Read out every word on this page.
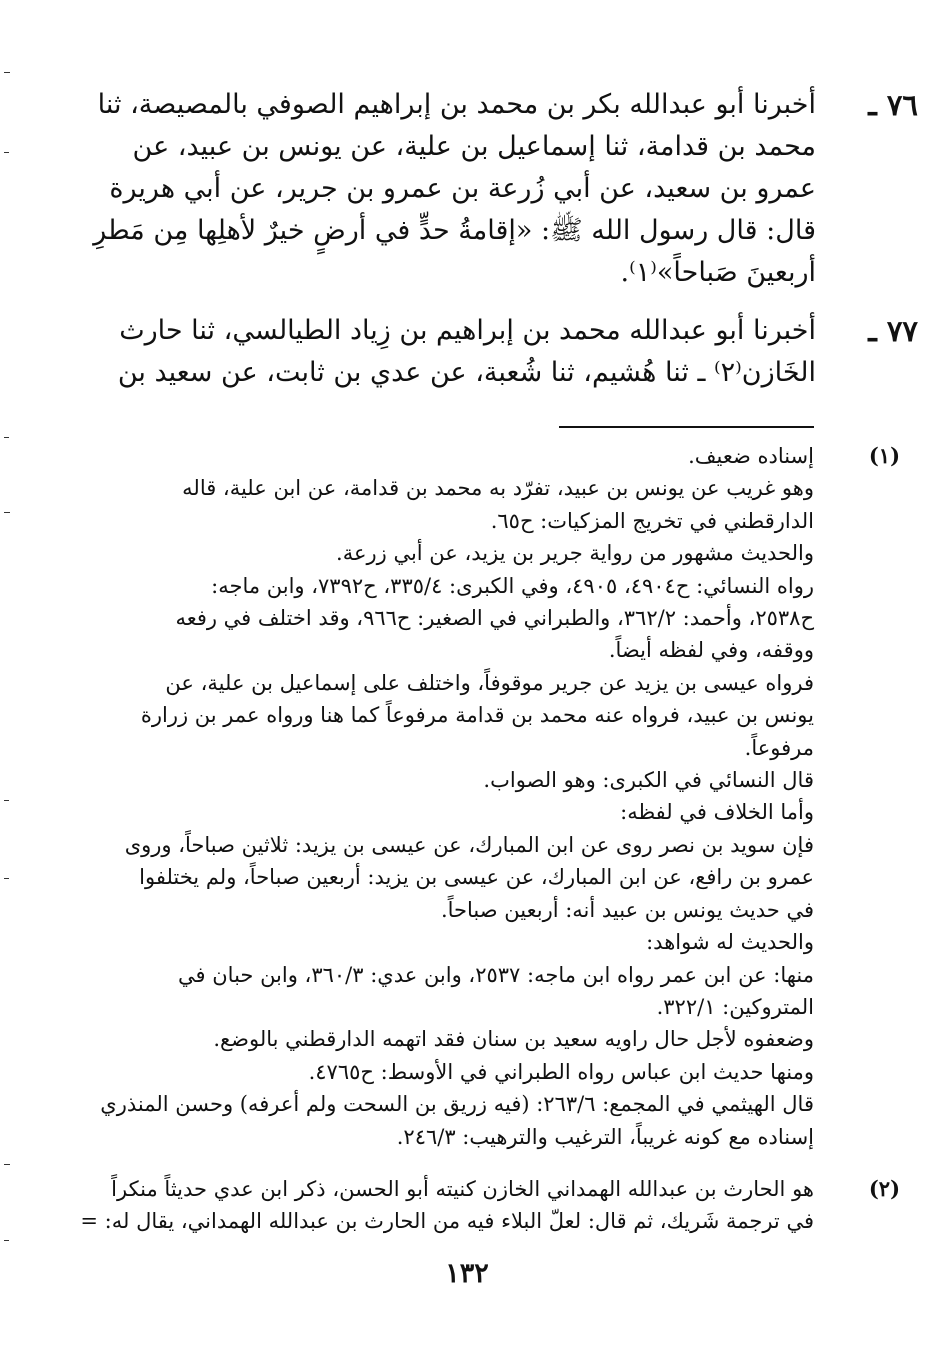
٧٦ ـ

أخبرنا أبو عبدالله بكر بن محمد بن إبراهيم الصوفي بالمصيصة، ثنا

محمد بن قدامة، ثنا إسماعيل بن علية، عن يونس بن عبيد، عن

عمرو بن سعيد، عن أبي زُرعة بن عمرو بن جرير، عن أبي هريرة

قال: قال رسول الله ﷺ: «إقامةُ حدٍّ في أرضٍ خيرٌ لأهلِها مِن مَطرِ

أربعينَ صَباحاً»⁽١⁾.

٧٧ ـ

أخبرنا أبو عبدالله محمد بن إبراهيم بن زِياد الطيالسي، ثنا حارث

الخَازن⁽٢⁾ ـ ثنا هُشيم، ثنا شُعبة، عن عدي بن ثابت، عن سعيد بن

(١)

إسناده ضعيف.

وهو غريب عن يونس بن عبيد، تفرّد به محمد بن قدامة، عن ابن علية، قاله

الدارقطني في تخريج المزكيات: ح٦٥.

والحديث مشهور من رواية جرير بن يزيد، عن أبي زرعة.

رواه النسائي: ح٤٩٠٤، ٤٩٠٥، وفي الكبرى: ٣٣٥/٤، ح٧٣٩٢، وابن ماجه:

ح٢٥٣٨، وأحمد: ٣٦٢/٢، والطبراني في الصغير: ح٩٦٦، وقد اختلف في رفعه

ووقفه، وفي لفظه أيضاً.

فرواه عيسى بن يزيد عن جرير موقوفاً، واختلف على إسماعيل بن علية، عن

يونس بن عبيد، فرواه عنه محمد بن قدامة مرفوعاً كما هنا ورواه عمر بن زرارة

مرفوعاً.

قال النسائي في الكبرى: وهو الصواب.

وأما الخلاف في لفظه:

فإن سويد بن نصر روى عن ابن المبارك، عن عيسى بن يزيد: ثلاثين صباحاً، وروى

عمرو بن رافع، عن ابن المبارك، عن عيسى بن يزيد: أربعين صباحاً، ولم يختلفوا

في حديث يونس بن عبيد أنه: أربعين صباحاً.

والحديث له شواهد:

منها: عن ابن عمر رواه ابن ماجه: ٢٥٣٧، وابن عدي: ٣٦٠/٣، وابن حبان في

المتروكين: ٣٢٢/١.

وضعفوه لأجل حال راويه سعيد بن سنان فقد اتهمه الدارقطني بالوضع.

ومنها حديث ابن عباس رواه الطبراني في الأوسط: ح٤٧٦٥.

قال الهيثمي في المجمع: ٢٦٣/٦: (فيه زريق بن السحت ولم أعرفه) وحسن المنذري

إسناده مع كونه غريباً، الترغيب والترهيب: ٢٤٦/٣.

(٢)

هو الحارث بن عبدالله الهمداني الخازن كنيته أبو الحسن، ذكر ابن عدي حديثاً منكراً

في ترجمة شَريك، ثم قال: لعلّ البلاء فيه من الحارث بن عبدالله الهمداني، يقال له: =

١٣٢
